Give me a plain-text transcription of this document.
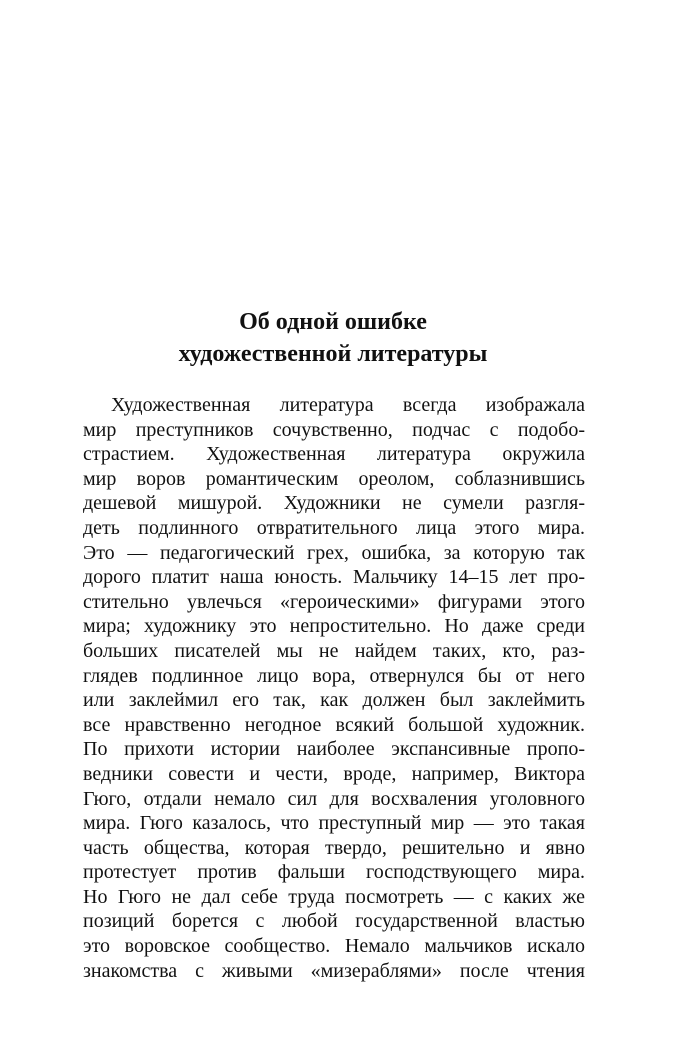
Об одной ошибке
художественной литературы
Художественная литература всегда изображала
мир преступников сочувственно, подчас с подобо-
стрaстием. Художественная литература окружила
мир воров романтическим ореолом, соблазнившись
дешевой мишурой. Художники не сумели разгля-
деть подлинного отвратительного лица этого мира.
Это — педагогический грех, ошибка, за которую так
дорого платит наша юность. Мальчику 14–15 лет про-
стительно увлечься «героическими» фигурами этого
мира; художнику это непростительно. Но даже среди
больших писателей мы не найдем таких, кто, раз-
глядев подлинное лицо вора, отвернулся бы от него
или заклеймил его так, как должен был заклеймить
все нравственно негодное всякий большой художник.
По прихоти истории наиболее экспансивные пропо-
ведники совести и чести, вроде, например, Виктора
Гюго, отдали немало сил для восхваления уголовного
мира. Гюго казалось, что преступный мир — это такая
часть общества, которая твердо, решительно и явно
протестует против фальши господствующего мира.
Но Гюго не дал себе труда посмотреть — с каких же
позиций борется с любой государственной властью
это воровское сообщество. Немало мальчиков искало
знакомства с живыми «мизераблями» после чтения
